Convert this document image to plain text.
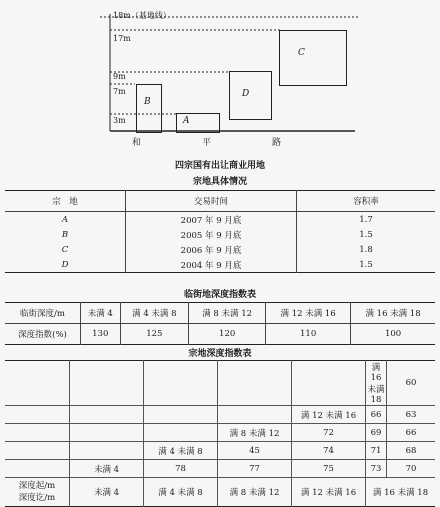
18m（基地线）
17m
9m
7m
3m
B
A
D
C
和	平	路
四宗国有出让商业用地
宗地具体情况
宗　地	交易时间	容积率
A	2007 年 9 月底	1.7
B	2005 年 9 月底	1.5
C	2006 年 9 月底	1.8
D	2004 年 9 月底	1.5
临街地深度指数表
临街深度/m	未满 4	满 4 未满 8	满 8 未满 12	满 12 未满 16	满 16 未满 18
深度指数(%)	130	125	120	110	100
宗地深度指数表
					满 16 未满 18	60
				满 12 未满 16	66	63
			满 8 未满 12	72	69	66
		满 4 未满 8	45	74	71	68
	未满 4	78	77	75	73	70
深度起/m
深度讫/m	未满 4	满 4 未满 8	满 8 未满 12	满 12 未满 16	满 16 未满 18	
